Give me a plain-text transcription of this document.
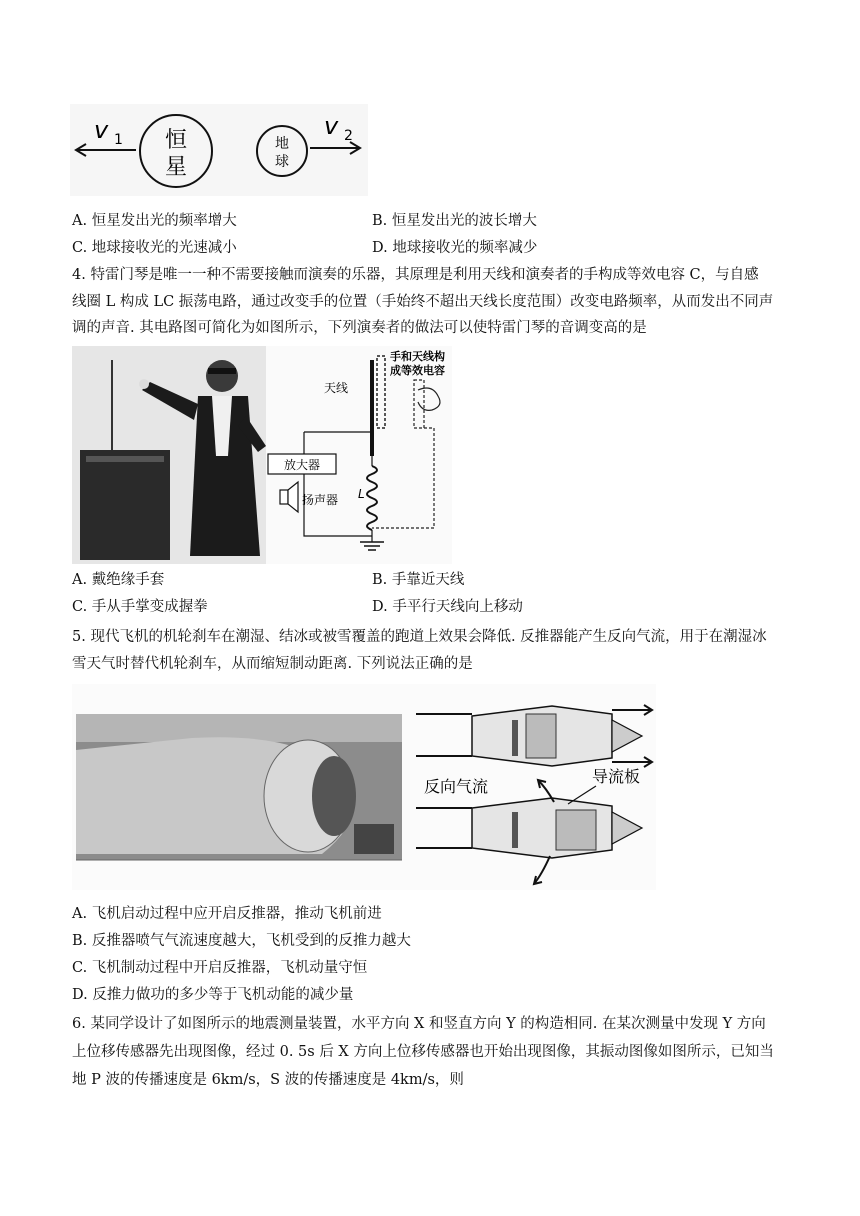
v 1 恒
星
地
球
v 2
A. 恒星发出光的频率增大	B. 恒星发出光的波长增大
C. 地球接收光的光速减小	D. 地球接收光的频率减少
4. 特雷门琴是唯一一种不需要接触而演奏的乐器，其原理是利用天线和演奏者的手构成等效电容 C，与自感
线圈 L 构成 LC 振荡电路，通过改变手的位置（手始终不超出天线长度范围）改变电路频率，从而发出不同声
调的声音. 其电路图可简化为如图所示，下列演奏者的做法可以使特雷门琴的音调变高的是
天线
手和天线构
成等效电容
L
放大器
扬声器
A. 戴绝缘手套	B. 手靠近天线
C. 手从手掌变成握拳	D. 手平行天线向上移动
5. 现代飞机的机轮刹车在潮湿、结冰或被雪覆盖的跑道上效果会降低. 反推器能产生反向气流，用于在潮湿冰
雪天气时替代机轮刹车，从而缩短制动距离. 下列说法正确的是
反向气流
导流板
A. 飞机启动过程中应开启反推器，推动飞机前进
B. 反推器喷气气流速度越大，飞机受到的反推力越大
C. 飞机制动过程中开启反推器，飞机动量守恒
D. 反推力做功的多少等于飞机动能的减少量
6. 某同学设计了如图所示的地震测量装置，水平方向 X 和竖直方向 Y 的构造相同. 在某次测量中发现 Y 方向
上位移传感器先出现图像，经过 0. 5s 后 X 方向上位移传感器也开始出现图像，其振动图像如图所示，已知当
地 P 波的传播速度是 6km/s，S 波的传播速度是 4km/s，则
